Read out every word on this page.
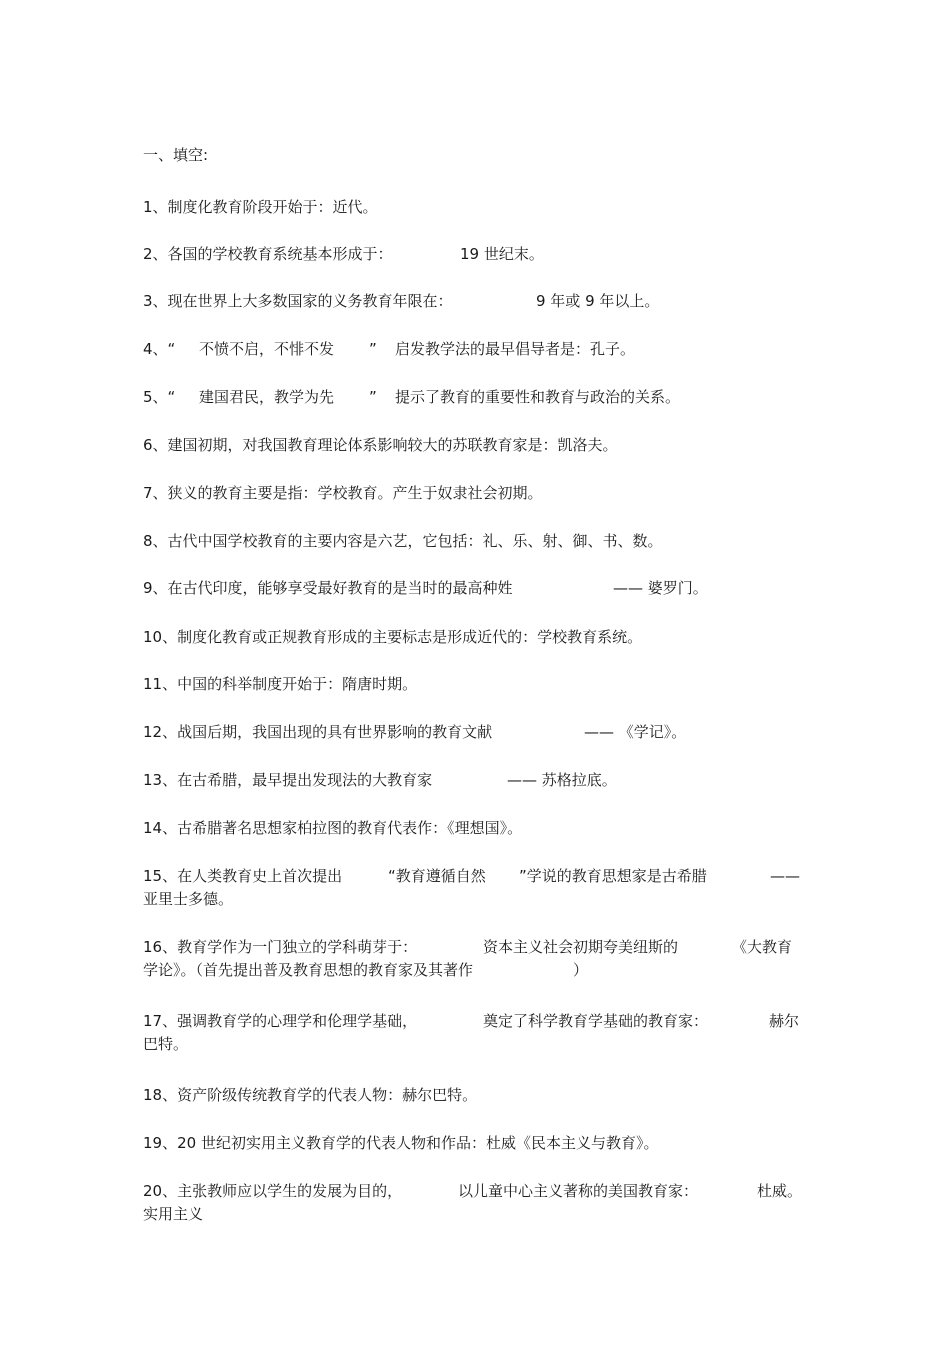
一、填空:
1、制度化教育阶段开始于：近代。
2、各国的学校教育系统基本形成于：	19 世纪末。
3、现在世界上大多数国家的义务教育年限在：	9 年或 9 年以上。
4、“ 不愤不启，不悱不发 ” 启发教学法的最早倡导者是：孔子。
5、“ 建国君民，教学为先 ” 提示了教育的重要性和教育与政治的关系。
6、建国初期，对我国教育理论体系影响较大的苏联教育家是：凯洛夫。
7、狭义的教育主要是指：学校教育。产生于奴隶社会初期。
8、古代中国学校教育的主要内容是六艺，它包括：礼、乐、射、御、书、数。
9、在古代印度，能够享受最好教育的是当时的最高种姓	—— 婆罗门。
10、制度化教育或正规教育形成的主要标志是形成近代的：学校教育系统。
11、中国的科举制度开始于：隋唐时期。
12、战国后期，我国出现的具有世界影响的教育文献	—— 《学记》。
13、在古希腊，最早提出发现法的大教育家	—— 苏格拉底。
14、古希腊著名思想家柏拉图的教育代表作：《理想国》。
15、在人类教育史上首次提出	“教育遵循自然 ”学说的教育思想家是古希腊	——
亚里士多德。
16、教育学作为一门独立的学科萌芽于：	资本主义社会初期夸美纽斯的	《大教育
学论》。（首先提出普及教育思想的教育家及其著作	）
17、强调教育学的心理学和伦理学基础，	奠定了科学教育学基础的教育家：	赫尔
巴特。
18、资产阶级传统教育学的代表人物：赫尔巴特。
19、20 世纪初实用主义教育学的代表人物和作品：杜威《民本主义与教育》。
20、主张教师应以学生的发展为目的，	以儿童中心主义著称的美国教育家：	杜威。
实用主义
